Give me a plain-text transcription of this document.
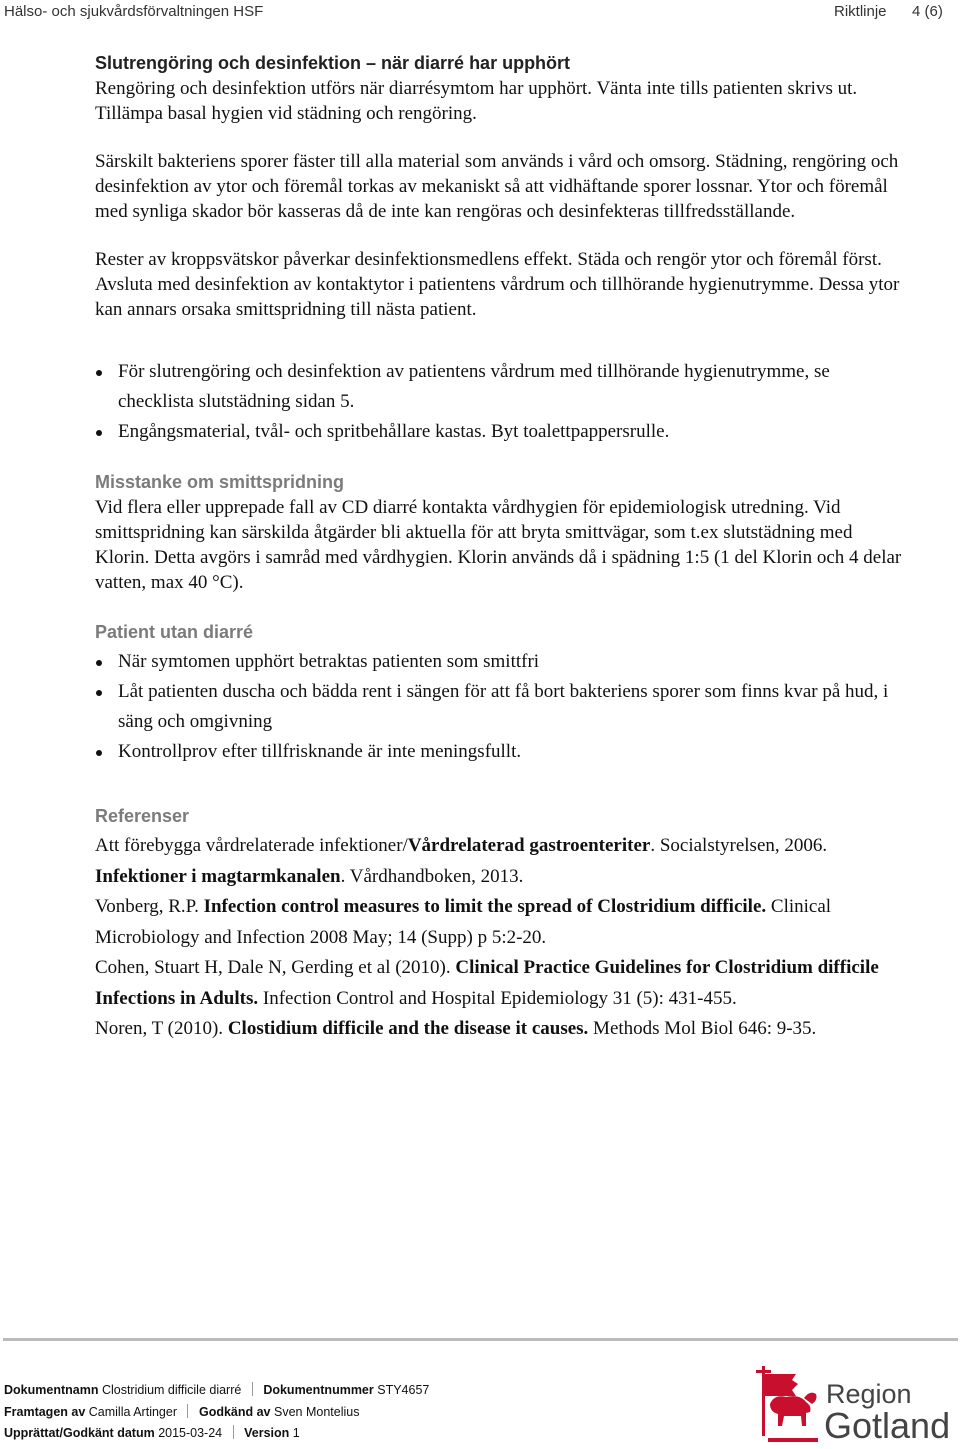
Hälso- och sjukvårdsförvaltningen HSF	Riktlinje 4 (6)
Slutrengöring och desinfektion – när diarré har upphört

Rengöring och desinfektion utförs när diarrésymtom har upphört. Vänta inte tills patienten skrivs ut. Tillämpa basal hygien vid städning och rengöring.

Särskilt bakteriens sporer fäster till alla material som används i vård och omsorg. Städning, rengöring och desinfektion av ytor och föremål torkas av mekaniskt så att vidhäftande sporer lossnar. Ytor och föremål med synliga skador bör kasseras då de inte kan rengöras och desinfekteras tillfredsställande.

Rester av kroppsvätskor påverkar desinfektionsmedlens effekt. Städa och rengör ytor och föremål först. Avsluta med desinfektion av kontaktytor i patientens vårdrum och tillhörande hygienutrymme. Dessa ytor kan annars orsaka smittspridning till nästa patient.

För slutrengöring och desinfektion av patientens vårdrum med tillhörande hygienutrymme, se checklista slutstädning sidan 5.
Engångsmaterial, tvål- och spritbehållare kastas. Byt toalettpappersrulle.
Misstanke om smittspridning

Vid flera eller upprepade fall av CD diarré kontakta vårdhygien för epidemiologisk utredning. Vid smittspridning kan särskilda åtgärder bli aktuella för att bryta smittvägar, som t.ex slutstädning med Klorin. Detta avgörs i samråd med vårdhygien. Klorin används då i spädning 1:5 (1 del Klorin och 4 delar vatten, max 40 °C).

Patient utan diarré
När symtomen upphört betraktas patienten som smittfri
Låt patienten duscha och bädda rent i sängen för att få bort bakteriens sporer som finns kvar på hud, i säng och omgivning
Kontrollprov efter tillfrisknande är inte meningsfullt.
Referenser

Att förebygga vårdrelaterade infektioner/Vårdrelaterad gastroenteriter. Socialstyrelsen, 2006.

Infektioner i magtarmkanalen. Vårdhandboken, 2013.

Vonberg, R.P. Infection control measures to limit the spread of Clostridium difficile. Clinical Microbiology and Infection 2008 May; 14 (Supp) p 5:2-20.

Cohen, Stuart H, Dale N, Gerding et al (2010). Clinical Practice Guidelines for Clostridium difficile Infections in Adults. Infection Control and Hospital Epidemiology 31 (5): 431-455.

Noren, T (2010). Clostidium difficile and the disease it causes. Methods Mol Biol 646: 9-35.

Dokumentnamn Clostridium difficile diarré Dokumentnummer STY4657
Framtagen av Camilla Artinger Godkänd av Sven Montelius
Upprättat/Godkänt datum 2015-03-24 Version 1
Region
Gotland
